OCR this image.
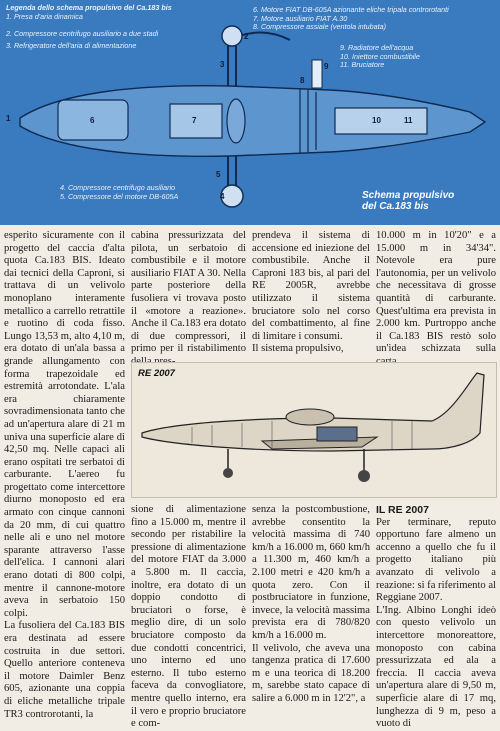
Legenda dello schema propulsivo del Ca.183 bis
1. Presa d'aria dinamica
2. Compressore centrifugo ausiliario a due stadi
3. Refrigeratore dell'aria di alimentazione
6. Motore FIAT DB-605A azionante eliche tripala controrotanti
7. Motore ausiliario FIAT A.30
8. Compressore assiale (ventola intubata)
9. Radiatore dell'acqua
10. Iniettore combustibile
11. Bruciatore
4. Compressore centrifugo ausiliario
5. Compressore del motore DB-605A
1
2
3
4
5
6	7
8
9
10	11
Schema propulsivo
del Ca.183 bis

esperito sicuramente con il progetto del caccia d'alta quota Ca.183 BIS. Ideato dai tecnici della Caproni, si trattava di un velivolo monoplano interamente metallico a carrello retrattile e ruotino di coda fisso. Lungo 13,53 m, alto 4,10 m, era dotato di un'ala bassa a grande allungamento con forma trapezoidale ed estremità arrotondate. L'ala era chiaramente sovradimensionata tanto che ad un'apertura alare di 21 m univa una superficie alare di 42,50 mq. Nelle capaci ali erano ospitati tre serbatoi di carburante. L'aereo fu progettato come intercettore diurno monoposto ed era armato con cinque cannoni da 20 mm, di cui quattro nelle ali e uno nel motore sparante attraverso l'asse dell'elica. I cannoni alari erano dotati di 800 colpi, mentre il cannone-motore aveva in serbatoio 150 colpi.

La fusoliera del Ca.183 BIS era destinata ad essere costruita in due settori. Quello anteriore conteneva il motore Daimler Benz 605, azionante una coppia di eliche metalliche tripale TR3 controrotanti, la

cabina pressurizzata del pilota, un serbatoio di combustibile e il motore ausiliario FIAT A 30. Nella parte posteriore della fusoliera vi trovava posto il «motore a reazione». Anche il Ca.183 era dotato di due compressori, il primo per il ristabilimento

prendeva il sistema di accensione ed iniezione del combustibile. Anche il Caproni 183 bis, al pari del RE 2005R, avrebbe utilizzato il sistema bruciatore solo nel corso del combattimento, al fine di limitare i consumi.

Il sistema propulsivo,

10.000 m in 10'20" e a 15.000 m in 34'34". Notevole era pure l'autonomia, per un velivolo che necessitava di grosse quantità di carburante. Quest'ultima era prevista in 2.000 km. Purtroppo anche il Ca.183 BIS restò solo un'idea schizzata sulla

RE 2007

sione di alimentazione fino a 15.000 m, mentre il secondo per ristabilire la pressione di alimentazione del motore FIAT da 3.000 a 5.800 m. Il caccia, inoltre, era dotato di un doppio condotto di bruciatori o forse, è meglio dire, di un solo bruciatore composto da due condotti concentrici, uno interno ed uno esterno. Il tubo esterno faceva da convogliatore, mentre quello interno, era il vero e proprio bruciatore e com-

senza la postcombustione, avrebbe consentito la velocità massima di 740 km/h a 16.000 m, 660 km/h a 11.300 m, 460 km/h a 2.100 metri e 420 km/h a quota zero. Con il postbruciatore in funzione, invece, la velocità massima prevista era di 780/820 km/h a 16.000 m.

Il velivolo, che aveva una tangenza pratica di 17.600 m e una teorica di 18.200 m, sarebbe stato capace di salire a 6.000 m in 12'2", a

IL RE 2007

Per terminare, reputo opportuno fare almeno un accenno a quello che fu il progetto italiano più avanzato di velivolo a reazione: si fa riferimento al Reggiane 2007.

L'Ing. Albino Longhi ideò con questo velivolo un intercettore monoreattore, monoposto con cabina pressurizzata ed ala a freccia. Il caccia aveva un'apertura alare di 9,50 m, superficie alare di 17 mq, lunghezza di 9 m, peso a vuoto di
